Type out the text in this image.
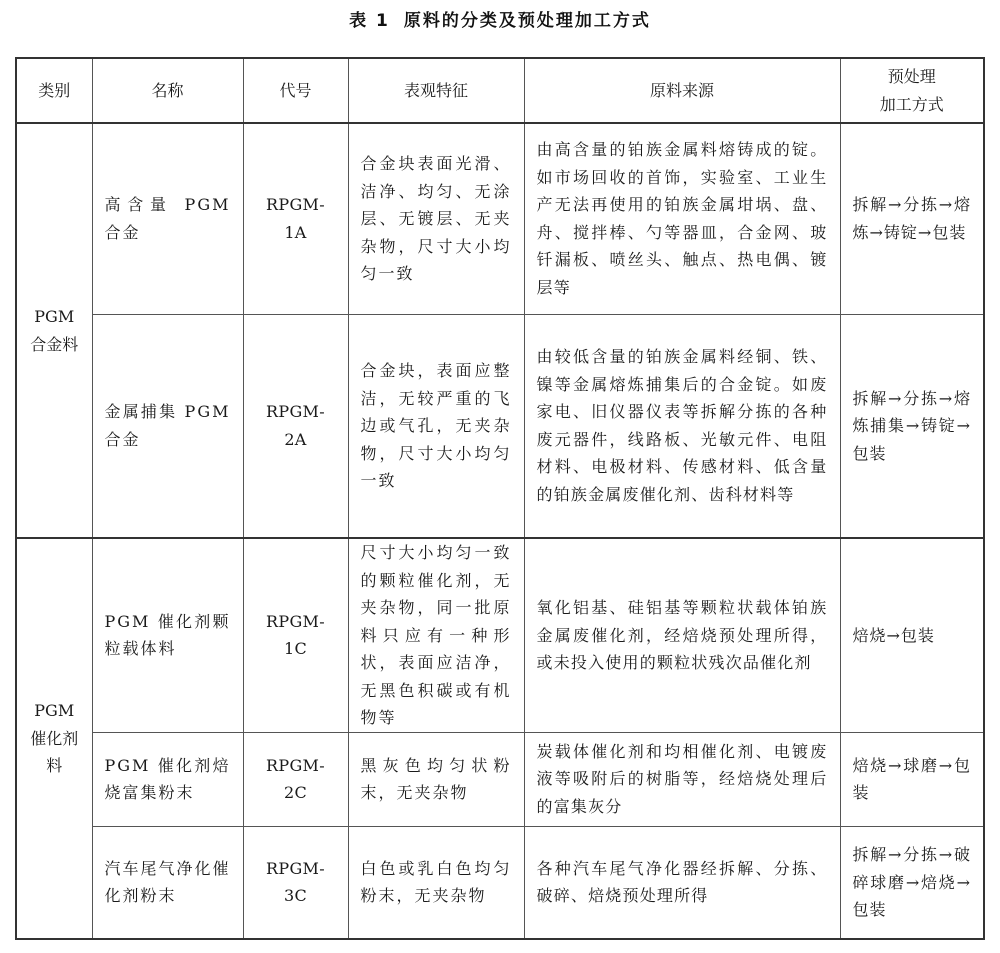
表 1 原料的分类及预处理加工方式
类别	名称	代号	表观特征	原料来源	预处理
加工方式

PGM 合金料	高含量 PGM 合金	RPGM-1A	合金块表面光滑、洁净、均匀、无涂层、无镀层、无夹杂物，尺寸大小均匀一致	由高含量的铂族金属料熔铸成的锭。如市场回收的首饰，实验室、工业生产无法再使用的铂族金属坩埚、盘、舟、搅拌棒、勺等器皿，合金网、玻钎漏板、喷丝头、触点、热电偶、镀层等	拆解→分拣→熔炼→铸锭→包装
	金属捕集 PGM 合金	RPGM-2A	合金块，表面应整洁，无较严重的飞边或气孔，无夹杂物，尺寸大小均匀一致	由较低含量的铂族金属料经铜、铁、镍等金属熔炼捕集后的合金锭。如废家电、旧仪器仪表等拆解分拣的各种废元器件，线路板、光敏元件、电阻材料、电极材料、传感材料、低含量的铂族金属废催化剂、齿科材料等	拆解→分拣→熔炼捕集→铸锭→包装
PGM 催化剂料	PGM 催化剂颗粒载体料	RPGM-1C	尺寸大小均匀一致的颗粒催化剂，无夹杂物，同一批原料只应有一种形状，表面应洁净，无黑色积碳或有机物等	氧化铝基、硅铝基等颗粒状载体铂族金属废催化剂，经焙烧预处理所得，或未投入使用的颗粒状残次品催化剂	焙烧→包装
	PGM 催化剂焙烧富集粉末	RPGM-2C	黑灰色均匀状粉末，无夹杂物	炭载体催化剂和均相催化剂、电镀废液等吸附后的树脂等，经焙烧处理后的富集灰分	焙烧→球磨→包装
	汽车尾气净化催化剂粉末	RPGM-3C	白色或乳白色均匀粉末，无夹杂物	各种汽车尾气净化器经拆解、分拣、破碎、焙烧预处理所得	拆解→分拣→破碎球磨→焙烧→包装
